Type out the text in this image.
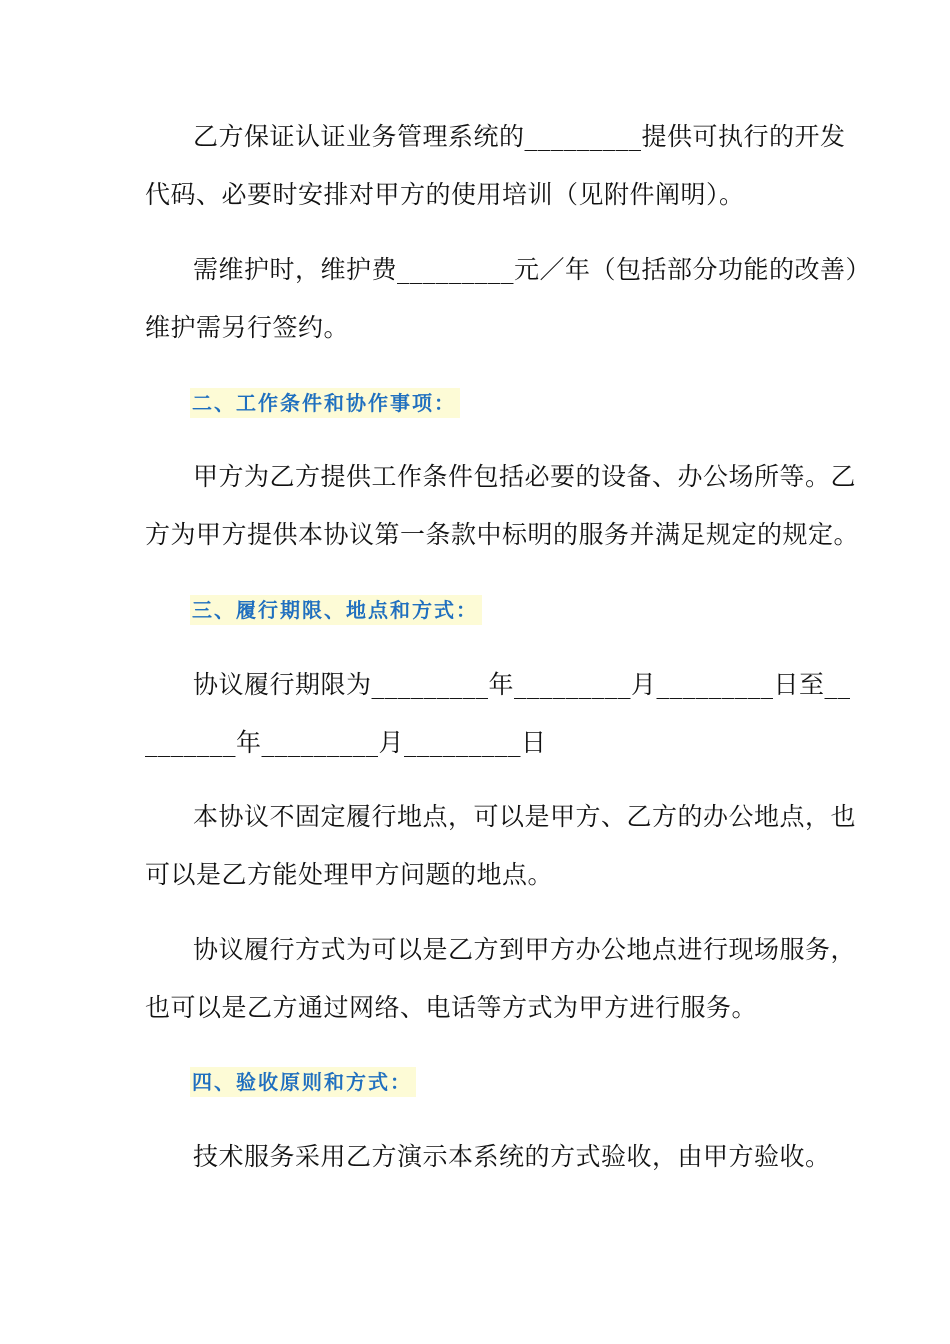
乙方保证认证业务管理系统的_________提供可执行的开发
代码、必要时安排对甲方的使用培训（见附件阐明）。
需维护时，维护费_________元／年（包括部分功能的改善）
维护需另行签约。
二、工作条件和协作事项：
甲方为乙方提供工作条件包括必要的设备、办公场所等。乙
方为甲方提供本协议第一条款中标明的服务并满足规定的规定。
三、履行期限、地点和方式：
协议履行期限为_________年_________月_________日至__
_______年_________月_________日
本协议不固定履行地点，可以是甲方、乙方的办公地点，也
可以是乙方能处理甲方问题的地点。
协议履行方式为可以是乙方到甲方办公地点进行现场服务，
也可以是乙方通过网络、电话等方式为甲方进行服务。
四、验收原则和方式：
技术服务采用乙方演示本系统的方式验收，由甲方验收。
